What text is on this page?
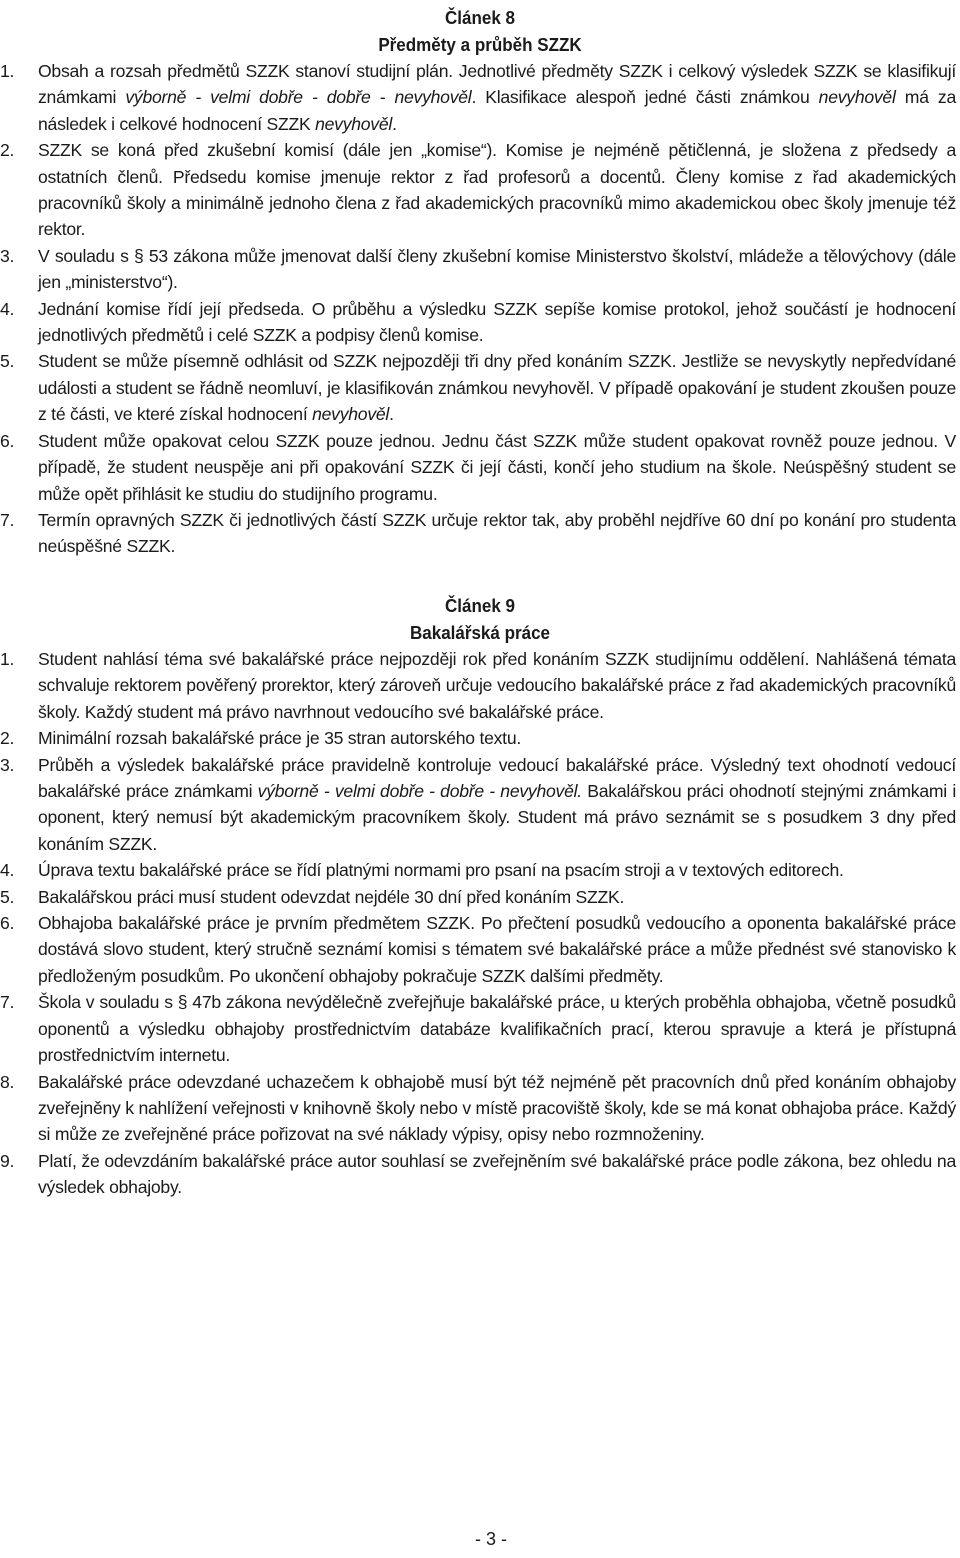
Článek 8

Předměty a průběh SZZK

1.	Obsah a rozsah předmětů SZZK stanoví studijní plán. Jednotlivé předměty SZZK i celkový výsledek SZZK se klasifikují známkami výborně - velmi dobře - dobře - nevyhověl. Klasifikace alespoň jedné části známkou nevyhověl má za následek i celkové hodnocení SZZK nevyhověl.
2.	SZZK se koná před zkušební komisí (dále jen „komise“). Komise je nejméně pětičlenná, je složena z předsedy a ostatních členů. Předsedu komise jmenuje rektor z řad profesorů a docentů. Členy komise z řad akademických pracovníků školy a minimálně jednoho člena z řad akademických pracovníků mimo akademickou obec školy jmenuje též rektor.
3.	V souladu s § 53 zákona může jmenovat další členy zkušební komise Ministerstvo školství, mládeže a tělovýchovy (dále jen „ministerstvo“).
4.	Jednání komise řídí její předseda. O průběhu a výsledku SZZK sepíše komise protokol, jehož součástí je hodnocení jednotlivých předmětů i celé SZZK a podpisy členů komise.
5.	Student se může písemně odhlásit od SZZK nejpozději tři dny před konáním SZZK. Jestliže se nevyskytly nepředvídané události a student se řádně neomluví, je klasifikován známkou nevyhověl. V případě opakování je student zkoušen pouze z té části, ve které získal hodnocení nevyhověl.
6.	Student může opakovat celou SZZK pouze jednou. Jednu část SZZK může student opakovat rovněž pouze jednou. V případě, že student neuspěje ani při opakování SZZK či její části, končí jeho studium na škole. Neúspěšný student se může opět přihlásit ke studiu do studijního programu.
7.	Termín opravných SZZK či jednotlivých částí SZZK určuje rektor tak, aby proběhl nejdříve 60 dní po konání pro studenta neúspěšné SZZK.

Článek 9

Bakalářská práce

1.	Student nahlásí téma své bakalářské práce nejpozději rok před konáním SZZK studijnímu oddělení. Nahlášená témata schvaluje rektorem pověřený prorektor, který zároveň určuje vedoucího bakalářské práce z řad akademických pracovníků školy. Každý student má právo navrhnout vedoucího své bakalářské práce.
2.	Minimální rozsah bakalářské práce je 35 stran autorského textu.
3.	Průběh a výsledek bakalářské práce pravidelně kontroluje vedoucí bakalářské práce. Výsledný text ohodnotí vedoucí bakalářské práce známkami výborně - velmi dobře - dobře - nevyhověl. Bakalářskou práci ohodnotí stejnými známkami i oponent, který nemusí být akademickým pracovníkem školy. Student má právo seznámit se s posudkem 3 dny před konáním SZZK.
4.	Úprava textu bakalářské práce se řídí platnými normami pro psaní na psacím stroji a v textových editorech.
5.	Bakalářskou práci musí student odevzdat nejdéle 30 dní před konáním SZZK.
6.	Obhajoba bakalářské práce je prvním předmětem SZZK. Po přečtení posudků vedoucího a oponenta bakalářské práce dostává slovo student, který stručně seznámí komisi s tématem své bakalářské práce a může přednést své stanovisko k předloženým posudkům. Po ukončení obhajoby pokračuje SZZK dalšími předměty.
7.	Škola v souladu s § 47b zákona nevýdělečně zveřejňuje bakalářské práce, u kterých proběhla obhajoba, včetně posudků oponentů a výsledku obhajoby prostřednictvím databáze kvalifikačních prací, kterou spravuje a která je přístupná prostřednictvím internetu.
8.	Bakalářské práce odevzdané uchazečem k obhajobě musí být též nejméně pět pracovních dnů před konáním obhajoby zveřejněny k nahlížení veřejnosti v knihovně školy nebo v místě pracoviště školy, kde se má konat obhajoba práce. Každý si může ze zveřejněné práce pořizovat na své náklady výpisy, opisy nebo rozmnoženiny.
9.	Platí, že odevzdáním bakalářské práce autor souhlasí se zveřejněním své bakalářské práce podle zákona, bez ohledu na výsledek obhajoby.
- 3 -
